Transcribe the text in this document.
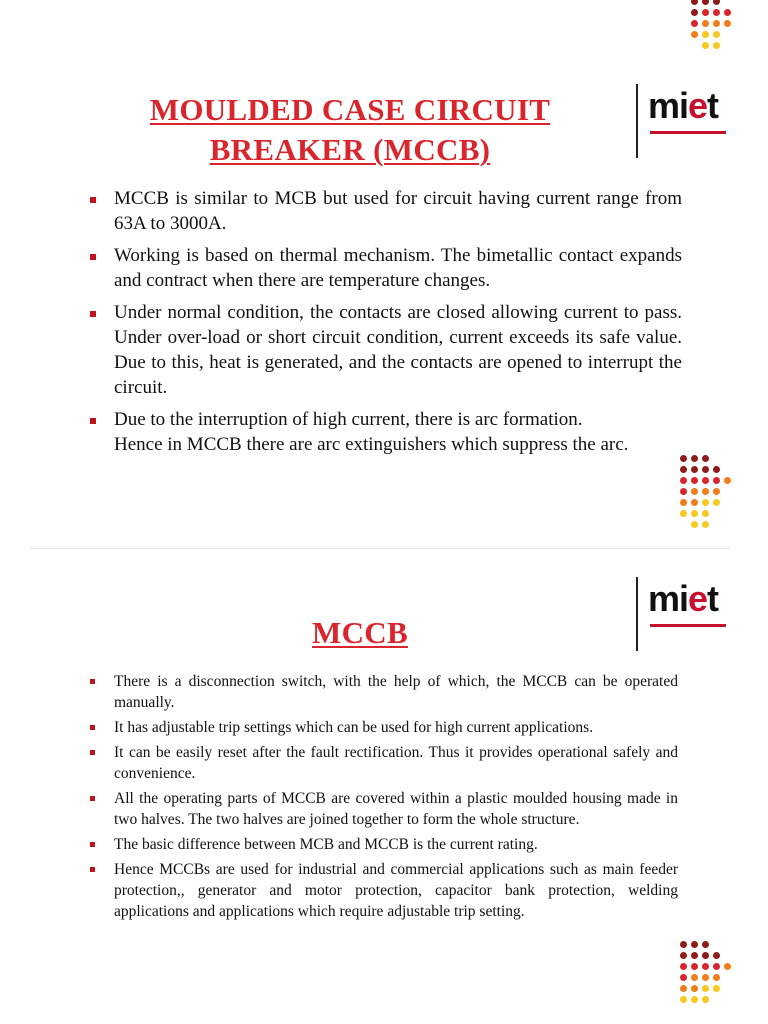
MOULDED CASE CIRCUIT
BREAKER (MCCB)
miet
MCCB is similar to MCB but used for circuit having current range from 63A to 3000A.
Working is based on thermal mechanism. The bimetallic contact expands and contract when there are temperature changes.
Under normal condition, the contacts are closed allowing current to pass. Under over-load or short circuit condition, current exceeds its safe value. Due to this, heat is generated, and the contacts are opened to interrupt the circuit.
Due to the interruption of high current, there is arc formation. Hence in MCCB there are arc extinguishers which suppress the arc.
MCCB
miet
There is a disconnection switch, with the help of which, the MCCB can be operated manually.
It has adjustable trip settings which can be used for high current applications.
It can be easily reset after the fault rectification. Thus it provides operational safely and convenience.
All the operating parts of MCCB are covered within a plastic moulded housing made in two halves. The two halves are joined together to form the whole structure.
The basic difference between MCB and MCCB is the current rating.
Hence MCCBs are used for industrial and commercial applications such as main feeder protection,, generator and motor protection, capacitor bank protection, welding applications and applications which require adjustable trip setting.
